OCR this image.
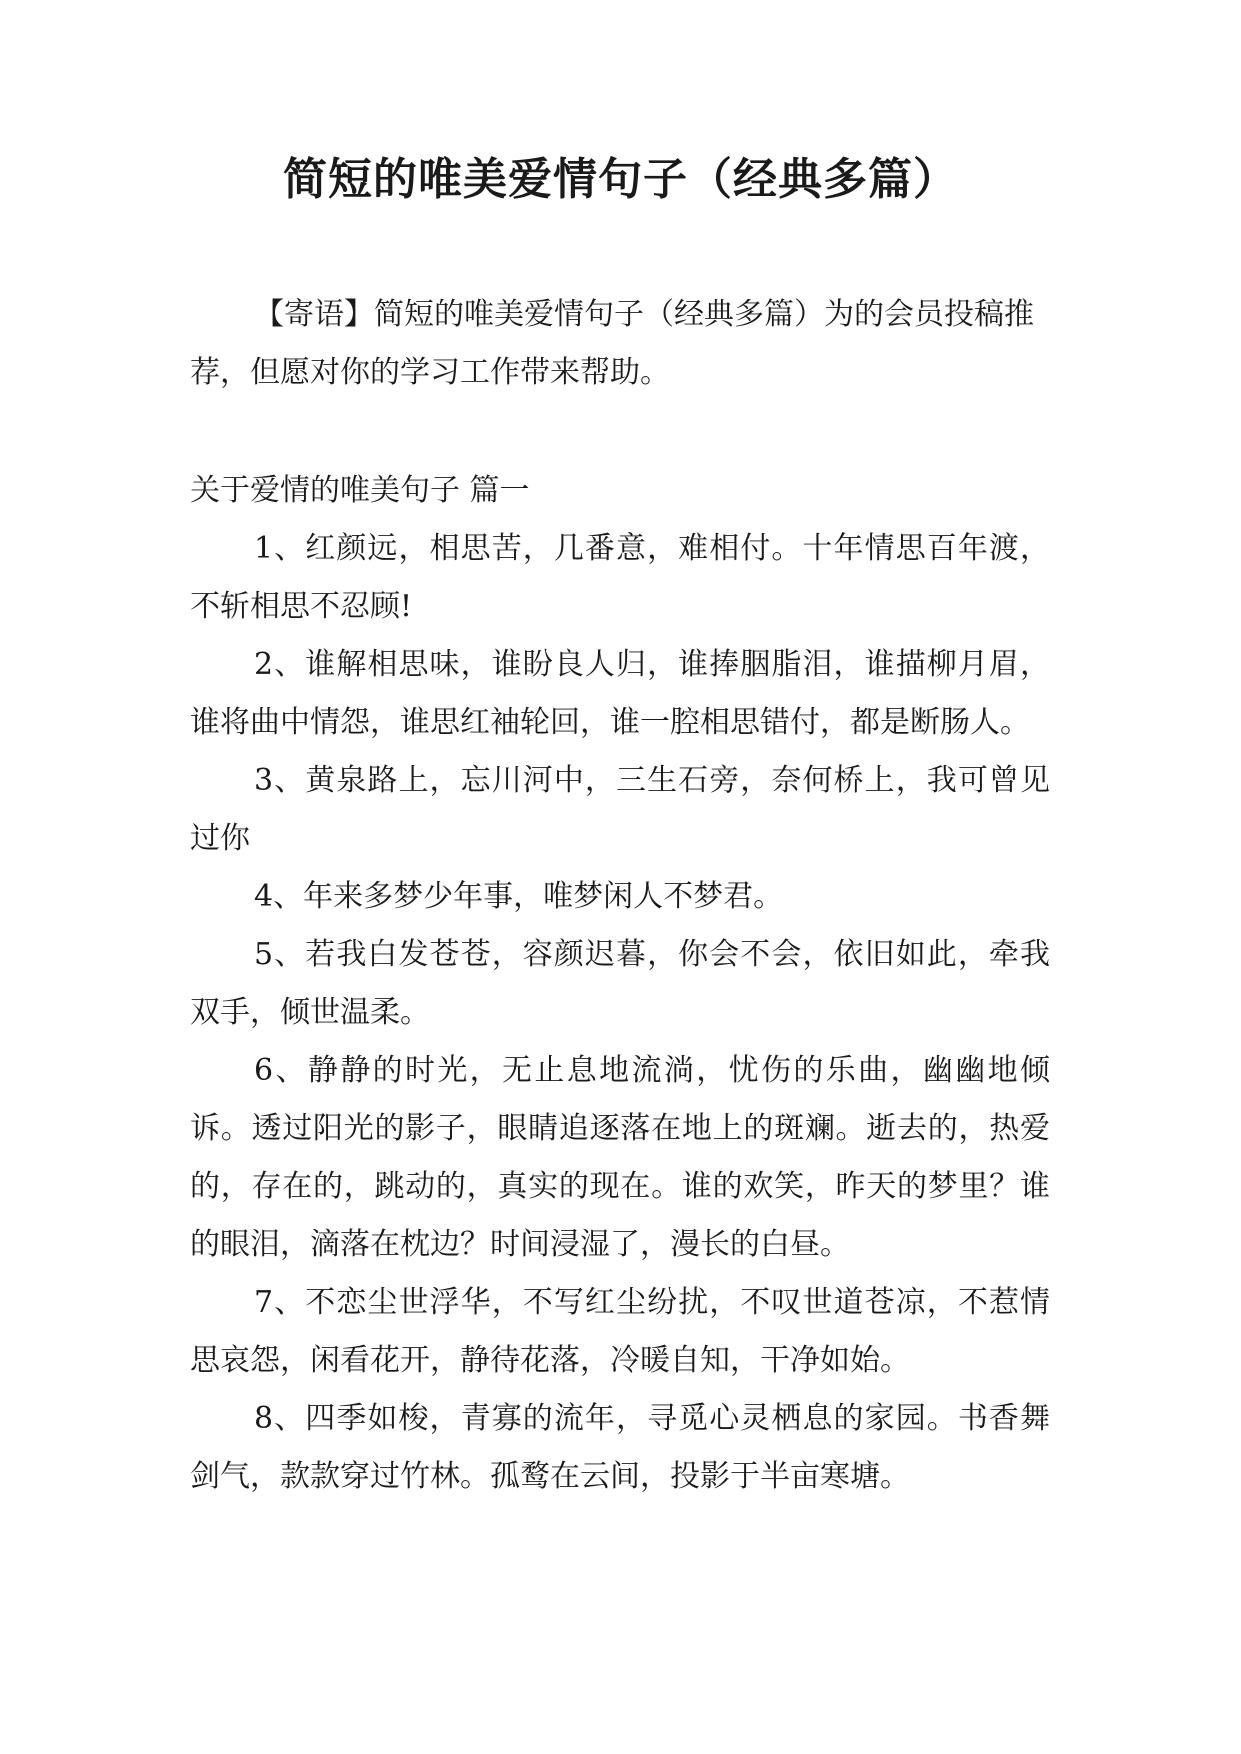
简短的唯美爱情句子（经典多篇）

【寄语】简短的唯美爱情句子（经典多篇）为的会员投稿推荐，但愿对你的学习工作带来帮助。

关于爱情的唯美句子 篇一

1、红颜远，相思苦，几番意，难相付。十年情思百年渡，不斩相思不忍顾!

2、谁解相思味，谁盼良人归，谁捧胭脂泪，谁描柳月眉，谁将曲中情怨，谁思红袖轮回，谁一腔相思错付，都是断肠人。

3、黄泉路上，忘川河中，三生石旁，奈何桥上，我可曾见过你

4、年来多梦少年事，唯梦闲人不梦君。

5、若我白发苍苍，容颜迟暮，你会不会，依旧如此，牵我双手，倾世温柔。

6、静静的时光，无止息地流淌，忧伤的乐曲，幽幽地倾诉。透过阳光的影子，眼睛追逐落在地上的斑斓。逝去的，热爱的，存在的，跳动的，真实的现在。谁的欢笑，昨天的梦里？谁的眼泪，滴落在枕边？时间浸湿了，漫长的白昼。

7、不恋尘世浮华，不写红尘纷扰，不叹世道苍凉，不惹情思哀怨，闲看花开，静待花落，冷暖自知，干净如始。

8、四季如梭，青寡的流年，寻觅心灵栖息的家园。书香舞剑气，款款穿过竹林。孤鹜在云间，投影于半亩寒塘。
